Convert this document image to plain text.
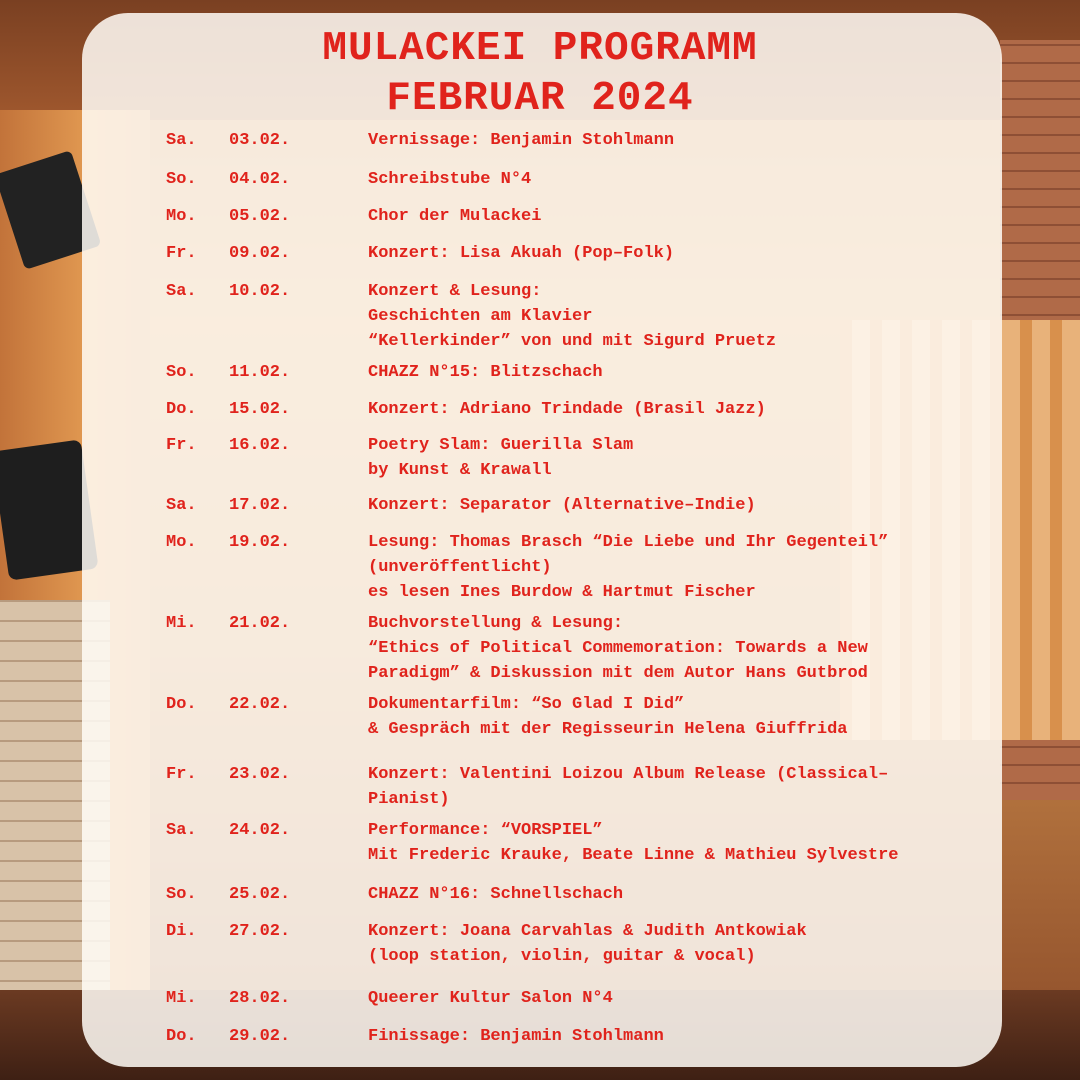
MULACKEI PROGRAMM
FEBRUAR 2024
Sa. 03.02.	Vernissage: Benjamin Stohlmann
So. 04.02.	Schreibstube N°4
Mo. 05.02.	Chor der Mulackei
Fr. 09.02.	Konzert: Lisa Akuah (Pop–Folk)
Sa. 10.02.	Konzert & Lesung:
Geschichten am Klavier
“Kellerkinder” von und mit Sigurd Pruetz
So. 11.02.	CHAZZ N°15: Blitzschach
Do. 15.02.	Konzert: Adriano Trindade (Brasil Jazz)
Fr. 16.02.	Poetry Slam: Guerilla Slam
by Kunst & Krawall
Sa. 17.02.	Konzert: Separator (Alternative–Indie)
Mo. 19.02.	Lesung: Thomas Brasch “Die Liebe und Ihr Gegenteil”
(unveröffentlicht)
es lesen Ines Burdow & Hartmut Fischer
Mi. 21.02.	Buchvorstellung & Lesung:
“Ethics of Political Commemoration: Towards a New
Paradigm” & Diskussion mit dem Autor Hans Gutbrod
Do. 22.02.	Dokumentarfilm: “So Glad I Did”
& Gespräch mit der Regisseurin Helena Giuffrida
Fr. 23.02.	Konzert: Valentini Loizou Album Release (Classical–
Pianist)
Sa. 24.02.	Performance: “VORSPIEL”
Mit Frederic Krauke, Beate Linne & Mathieu Sylvestre
So. 25.02.	CHAZZ N°16: Schnellschach
Di. 27.02.	Konzert: Joana Carvahlas & Judith Antkowiak
(loop station, violin, guitar & vocal)
Mi. 28.02.	Queerer Kultur Salon N°4
Do. 29.02.	Finissage: Benjamin Stohlmann
